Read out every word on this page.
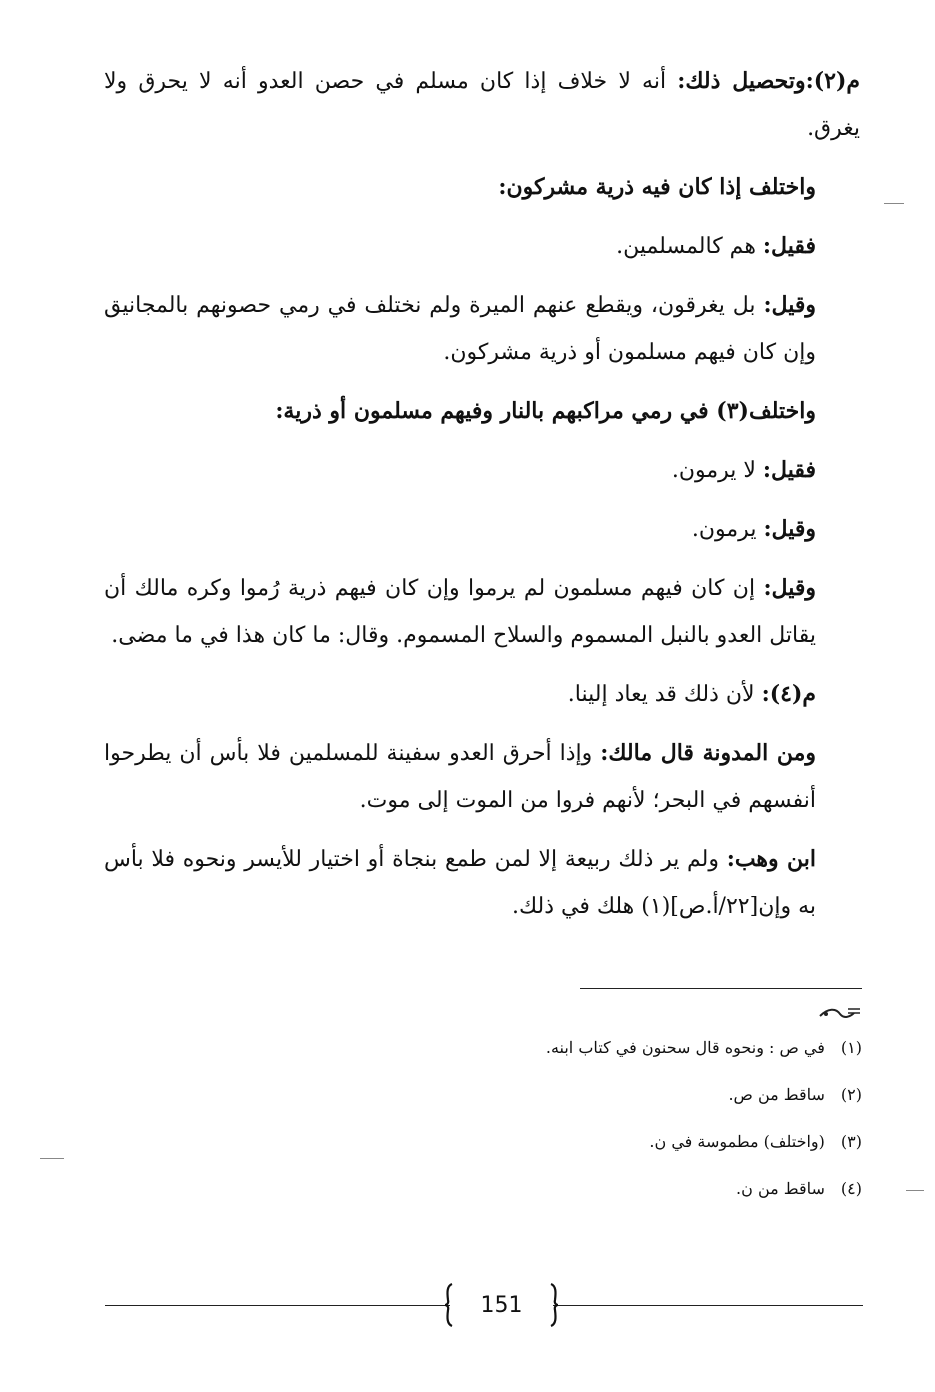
م(٢):وتحصيل ذلك: أنه لا خلاف إذا كان مسلم في حصن العدو أنه لا يحرق ولا يغرق.

واختلف إذا كان فيه ذرية مشركون:

فقيل: هم كالمسلمين.

وقيل: بل يغرقون، ويقطع عنهم الميرة ولم نختلف في رمي حصونهم بالمجانيق وإن كان فيهم مسلمون أو ذرية مشركون.

واختلف(٣) في رمي مراكبهم بالنار وفيهم مسلمون أو ذرية:

فقيل: لا يرمون.

وقيل: يرمون.

وقيل: إن كان فيهم مسلمون لم يرموا وإن كان فيهم ذرية رُموا وكره مالك أن يقاتل العدو بالنبل المسموم والسلاح المسموم. وقال: ما كان هذا في ما مضى.

م(٤): لأن ذلك قد يعاد إلينا.

ومن المدونة قال مالك: وإذا أحرق العدو سفينة للمسلمين فلا بأس أن يطرحوا أنفسهم في البحر؛ لأنهم فروا من الموت إلى موت.

ابن وهب: ولم ير ذلك ربيعة إلا لمن طمع بنجاة أو اختيار للأيسر ونحوه فلا بأس به وإن[٢٢/أ.ص](١) هلك في ذلك.

(١) في ص : ونحوه قال سحنون في كتاب ابنه.

(٢) ساقط من ص.

(٣) (واختلف) مطموسة في ن.

(٤) ساقط من ن.

151
